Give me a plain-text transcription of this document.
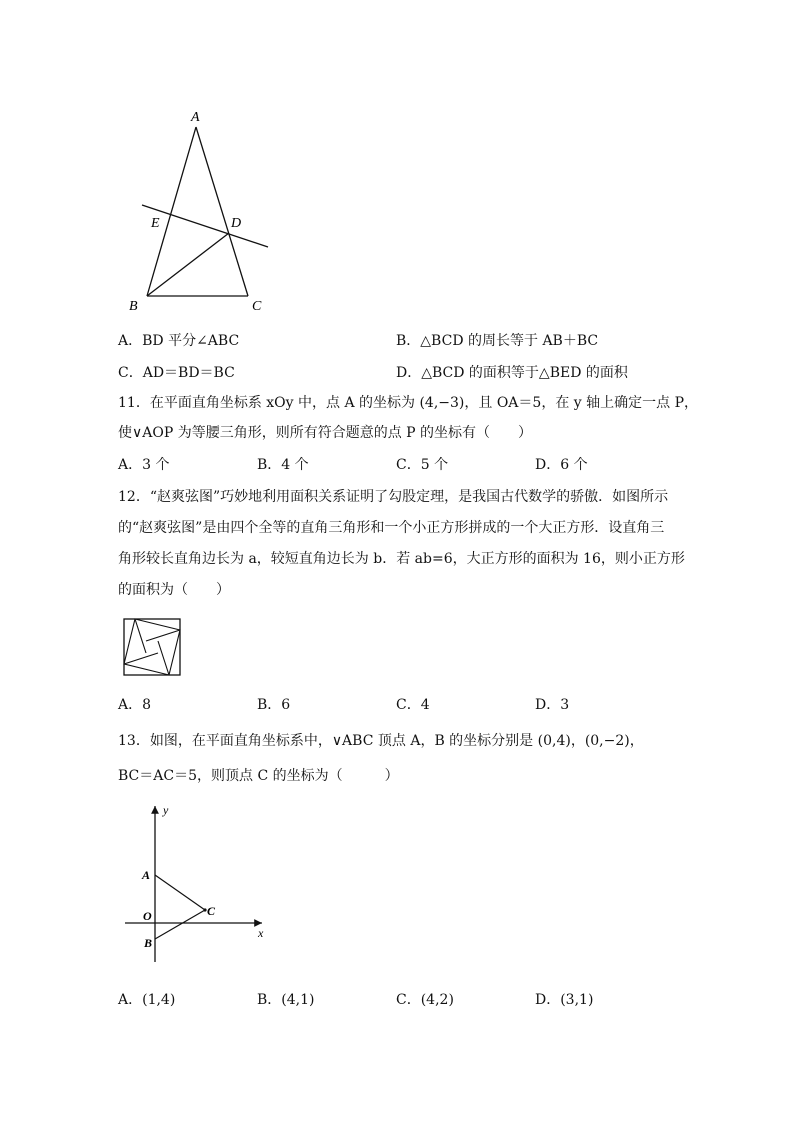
A
E	D
B	C
A．BD 平分∠ABC	B．△BCD 的周长等于 AB＋BC
C．AD＝BD＝BC	D．△BCD 的面积等于△BED 的面积
11．在平面直角坐标系 xOy 中，点 A 的坐标为 (4,−3)，且 OA＝5，在 y 轴上确定一点 P，
使∨AOP 为等腰三角形，则所有符合题意的点 P 的坐标有（　　）
A．3 个	B．4 个	C．5 个	D．6 个
12．“赵爽弦图”巧妙地利用面积关系证明了勾股定理，是我国古代数学的骄傲．如图所示
的“赵爽弦图”是由四个全等的直角三角形和一个小正方形拼成的一个大正方形．设直角三
角形较长直角边长为 a，较短直角边长为 b．若 ab=6，大正方形的面积为 16，则小正方形
的面积为（　　）
A．8	B．6	C．4	D．3
13．如图，在平面直角坐标系中，∨ABC 顶点 A，B 的坐标分别是 (0,4)，(0,−2)，
BC＝AC＝5，则顶点 C 的坐标为（　　　）
y
x
O
A
B
C
A．(1,4)	B．(4,1)	C．(4,2)	D．(3,1)
